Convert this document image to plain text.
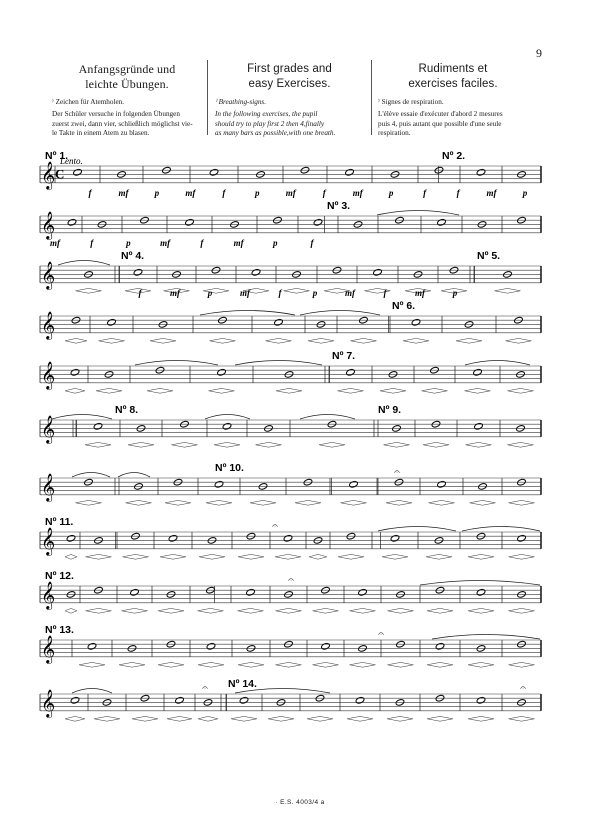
9
Anfangsgründe und
leichte Übungen.
First grades and
easy Exercises.
Rudiments et
exercises faciles.
⁾ Zeichen für Atemholen.
Der Schüler versuche in folgenden Übungen
zuerst zwei, dann vier, schließlich möglichst vie-
le Takte in einem Atem zu blasen.
⁾ Breathing-signs.
In the following exercises, the pupil
should try to play first 2 then 4,finally
as many bars as possible,with one breath.
⁾ Signes de respiration.
L'élève essaie d'exécuter d'abord 2 mesures
puis 4, puis autant que possible d'une seule
respiration.
𝄞 C
𝄞
𝄞
𝄞
𝄞
𝄞
𝄞
𝄞
𝄞
𝄞
𝄞
Nº 1.	Nº 2.
Nº 3.
Nº 4.	Nº 5.
Nº 6.
Nº 7.
Nº 8.	Nº 9.
Nº 10.
Nº 11.
Nº 12.
Nº 13.
Nº 14.
Lento.
f	mf	p	mf	f	p	mf	f	mf	p	f	f	mf	p
mf	f	p	mf	f	mf	p	f
f	mf	p	mf	f	p	mf	f	mf	p
𝄐
𝄐
𝄐
𝄐
𝄐	𝄐
· E.S. 4003/4 a
